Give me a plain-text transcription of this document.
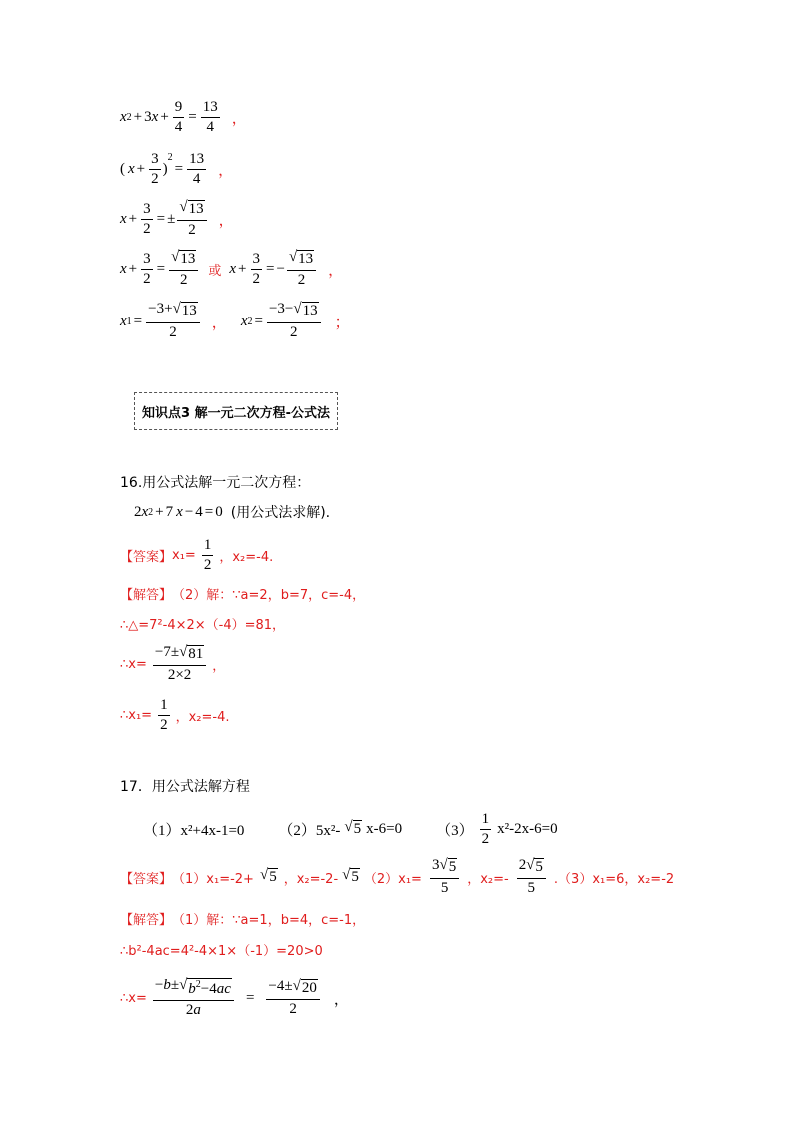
x 2 + 3 $x + \frac{9}{4} = \frac{13}{4}$ ，
( $x + \frac{3}{2}$ )
$^2$
= $\frac{13}{4}$ ，
$x + \frac{3}{2}$ = ± $\frac{√ 13}{2}$ ，
$x + \frac{3}{2} = \frac{√ 13}{2}$ 或 $x + \frac{3}{2}$ = − $\frac{√ 13}{2}$ ，
x $1 = \frac{-3+ √ 13}{2}$ ， x $2 = \frac{-3- √ 13}{2}$ ；
知识点3 解一元二次方程-公式法
16.用公式法解一元二次方程：
2 x 2 + 7 x − 4 = 0 (用公式法求解).
【答案】 $x_1= \frac{1}{2}$ ，x₂=-4.
【解答】 （2）解：∵a=2，b=7，c=-4，
∴△=7²-4×2×（-4）=81，
∴x= $\frac{-7\pm √ 81}{2\times 2}$ ，
∴x₁= $\frac{1}{2}$ ，x₂=-4.
17．用公式法解方程
（1）x²+4x-1=0 （2）5x²- √ 5 x-6=0 $(3) \frac{1}{2} x^2-2x-6=0$
【答案】 （1）x₁=-2+ √ 5 ，x₂=-2- √ 5 $(2)x_1= \frac{3 √ 5}{5}$ ，$x_2=- \frac{2 √ 5}{5} .(3)x_1=6$，x₂=-2
【解答】 （1）解：∵a=1，b=4，c=-1，
∴b²-4ac=4²-4×1×（-1）=20>0
∴x= $\frac{-b\pm √ b^2-4ac}{2a} = \frac{-4\pm √ 20}{2}$ ，
